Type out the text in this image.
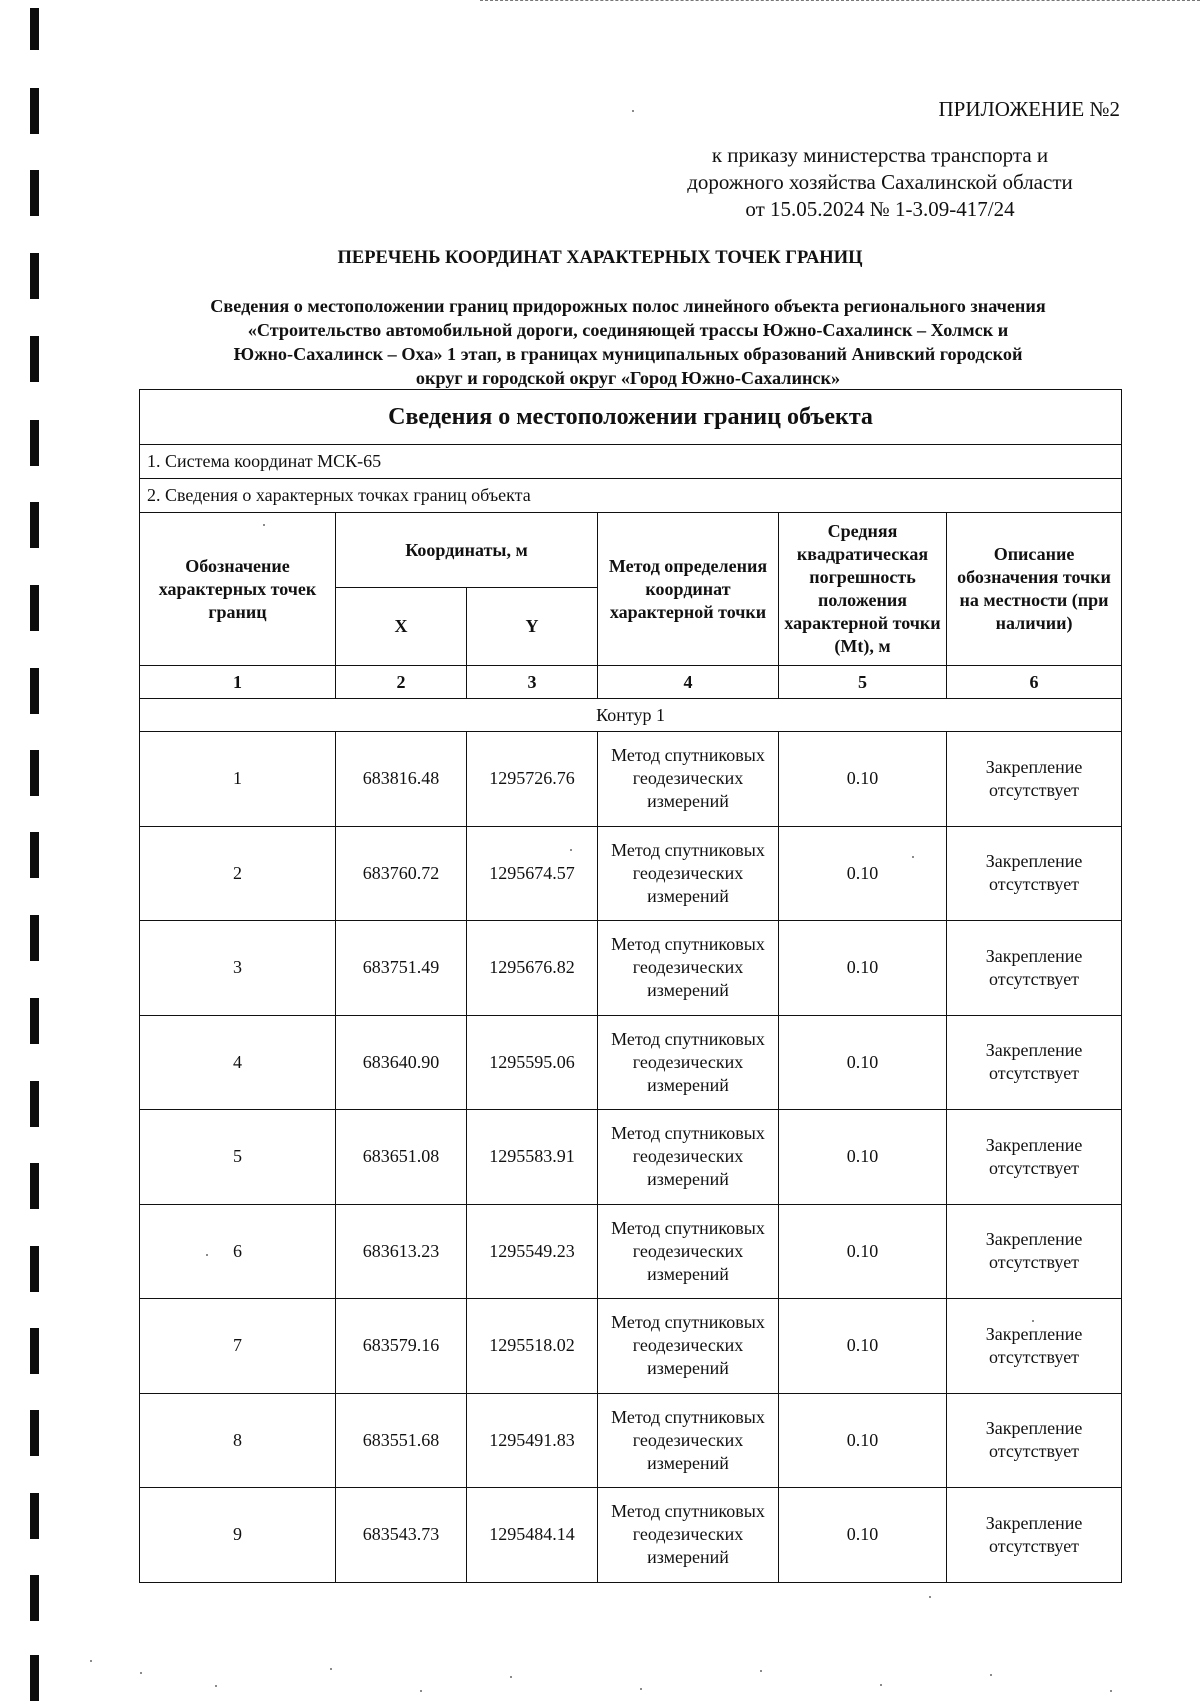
ПРИЛОЖЕНИЕ №2
к приказу министерства транспорта и
дорожного хозяйства Сахалинской области
от 15.05.2024 № 1-3.09-417/24
ПЕРЕЧЕНЬ КООРДИНАТ ХАРАКТЕРНЫХ ТОЧЕК ГРАНИЦ
Сведения о местоположении границ придорожных полос линейного объекта регионального значения
«Строительство автомобильной дороги, соединяющей трассы Южно-Сахалинск – Холмск и
Южно-Сахалинск – Оха» 1 этап, в границах муниципальных образований Анивский городской
округ и городской округ «Город Южно-Сахалинск»
Сведения о местоположении границ объекта					
1. Система координат МСК-65					
2. Сведения о характерных точках границ объекта					
Обозначение характерных точек границ	Координаты, м		Метод определения координат характерной точки	Средняя квадратическая погрешность положения характерной точки (Mt), м	Описание обозначения точки на местности (при наличии)
	X	Y			
1	2	3	4	5	6
Контур 1					
1	683816.48	1295726.76	Метод спутниковых геодезических измерений	0.10	Закрепление отсутствует
2	683760.72	1295674.57	Метод спутниковых геодезических измерений	0.10	Закрепление отсутствует
3	683751.49	1295676.82	Метод спутниковых геодезических измерений	0.10	Закрепление отсутствует
4	683640.90	1295595.06	Метод спутниковых геодезических измерений	0.10	Закрепление отсутствует
5	683651.08	1295583.91	Метод спутниковых геодезических измерений	0.10	Закрепление отсутствует
6	683613.23	1295549.23	Метод спутниковых геодезических измерений	0.10	Закрепление отсутствует
7	683579.16	1295518.02	Метод спутниковых геодезических измерений	0.10	Закрепление отсутствует
8	683551.68	1295491.83	Метод спутниковых геодезических измерений	0.10	Закрепление отсутствует
9	683543.73	1295484.14	Метод спутниковых геодезических измерений	0.10	Закрепление отсутствует
